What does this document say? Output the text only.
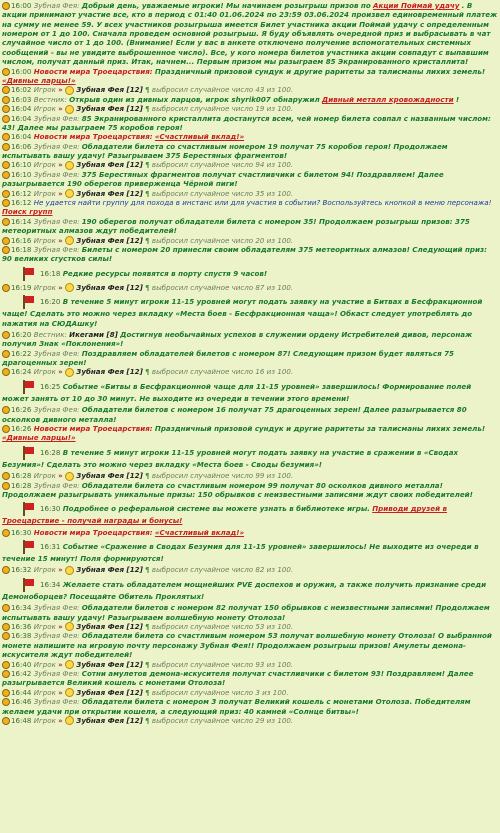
16:00 Зубная Фея: Добрый день, уважаемые игроки! Мы начинаем розыгрыш призов по Акции Поймай удачу . В акции принимают участие все, кто в период с 01:40 01.06.2024 по 23:59 03.06.2024 произвел единовременный платеж на сумму не менее 59. У всех участников розыгрыша имеется Билет участника акции Поймай удачу с определенным номером от 1 до 100. Сначала проведем основной розыгрыш. Я буду объявлять очередной приз и выбрасывать в чат случайное число от 1 до 100. (Внимание! Если у вас в анкете отключено получение вспомогательных системных сообщений - вы не увидите выброшенное число). Все, у кого номера билетов участника акции совпадут с выпавшим числом, получат данный приз. Итак, начнем... Первым призом мы разыграем 85 Экранированного кристаллита!
16:00 Новости мира Троецарствия: Праздничный призовой сундук и другие раритеты за талисманы лихих земель! «Дивные ларцы!»
16:02 Игрок » Зубная Фея [12] ¶ выбросил случайное число 43 из 100.
16:03 Вестник: Открыв один из дивных ларцов, игрок shyrik007 обнаружил Дивный металл кровожадности !
16:04 Игрок » Зубная Фея [12] ¶ выбросил случайное число 19 из 100.
16:04 Зубная Фея: 85 Экранированного кристаллита достанутся всем, чей номер билета совпал с названным числом: 43! Далее мы разыграем 75 коробов героя!
16:04 Новости мира Троецарствия: «Счастливый вклад!»
16:06 Зубная Фея: Обладатели билета со счастливым номером 19 получат 75 коробов героя! Продолжаем испытывать вашу удачу! Разыгрываем 375 Берестяных фрагментов!
16:10 Игрок » Зубная Фея [12] ¶ выбросил случайное число 94 из 100.
16:10 Зубная Фея: 375 Берестяных фрагментов получат счастливчики с билетом 94! Поздравляем! Далее разыгрывается 190 оберегов приверженца Чёрной пиги!
16:12 Игрок » Зубная Фея [12] ¶ выбросил случайное число 35 из 100.
16:12 Не удается найти группу для похода в инстанс или для участия в событии? Воспользуйтесь кнопкой в меню персонажа! Поиск групп
16:14 Зубная Фея: 190 оберегов получат обладатели билета с номером 35! Продолжаем розыгрыш призов: 375 метеоритных алмазов ждут победителей!
16:16 Игрок » Зубная Фея [12] ¶ выбросил случайное число 20 из 100.
16:18 Зубная Фея: Билеты с номером 20 принесли своим обладателям 375 метеоритных алмазов! Следующий приз: 90 великих сгустков силы!
16:18 Редкие ресурсы появятся в порту спустя 9 часов!
16:19 Игрок » Зубная Фея [12] ¶ выбросил случайное число 87 из 100.
16:20 В течение 5 минут игроки 11-15 уровней могут подать заявку на участие в Битвах в Бесфракционной чаще! Сделать это можно через вкладку «Места боев - Бесфракционная чаща»! Обкаст следует употреблять до нажатия на СЮДАшку!
16:20 Вестник: Икегами [8] Достигнув необычайных успехов в служении ордену Истребителей дивов, персонаж получил Знак «Поклонения»!
16:22 Зубная Фея: Поздравляем обладателей билетов с номером 87! Следующим призом будет являться 75 драгоценных зерен!
16:24 Игрок » Зубная Фея [12] ¶ выбросил случайное число 16 из 100.
16:25 Событие «Битвы в Бесфракционной чаще для 11-15 уровней» завершилось! Формирование полей может занять от 10 до 30 минут. Не выходите из очереди в течении этого времени!
16:26 Зубная Фея: Обладатели билетов с номером 16 получат 75 драгоценных зерен! Далее разыгрывается 80 осколков дивного металла!
16:26 Новости мира Троецарствия: Праздничный призовой сундук и другие раритеты за талисманы лихих земель! «Дивные ларцы!»
16:28 В течение 5 минут игроки 11-15 уровней могут подать заявку на участие в сражении в «Сводах Безумия»! Сделать это можно через вкладку «Места боев - Своды безумия»!
16:28 Игрок » Зубная Фея [12] ¶ выбросил случайное число 99 из 100.
16:28 Зубная Фея: Обладатели билета со счастливым номером 99 получат 80 осколков дивного металла! Продолжаем разыгрывать уникальные призы: 150 обрывков с неизвестными записями ждут своих победителей!
16:30 Подробнее о реферальной системе вы можете узнать в библиотеке игры. Приводи друзей в Троецарствие - получай награды и бонусы!
16:30 Новости мира Троецарствия: «Счастливый вклад!»
16:31 Событие «Сражение в Сводах Безумия для 11-15 уровней» завершилось! Не выходите из очереди в течение 15 минут! Поля формируются!
16:32 Игрок » Зубная Фея [12] ¶ выбросил случайное число 82 из 100.
16:34 Желаете стать обладателем мощнейших PVE доспехов и оружия, а также получить признание среди Демоноборцев? Посещайте Обитель Проклятых!
16:34 Зубная Фея: Обладатели билетов с номером 82 получат 150 обрывков с неизвестными записями! Продолжаем испытывать вашу удачу! Разыгрываем волшебную монету Отолоза!
16:36 Игрок » Зубная Фея [12] ¶ выбросил случайное число 53 из 100.
16:38 Зубная Фея: Обладатели билета со счастливым номером 53 получат волшебную монету Отолоза! О выбранной монете напишите на игровую почту персонажу Зубная Фея!! Продолжаем розыгрыш призов! Амулеты демона-искусителя ждут победителей!
16:40 Игрок » Зубная Фея [12] ¶ выбросил случайное число 93 из 100.
16:42 Зубная Фея: Сотни амулетов демона-искусителя получат счастливчики с билетом 93! Поздравляем! Далее разыгрывается Великий кошель с монетами Отолоза!
16:44 Игрок » Зубная Фея [12] ¶ выбросил случайное число 3 из 100.
16:46 Зубная Фея: Обладатели билета с номером 3 получат Великий кошель с монетами Отолоза. Победителям желаем удачи при открытии кошеля, а следующий приз: 40 камней «Солнце битвы»!
16:48 Игрок » Зубная Фея [12] ¶ выбросил случайное число 29 из 100.
